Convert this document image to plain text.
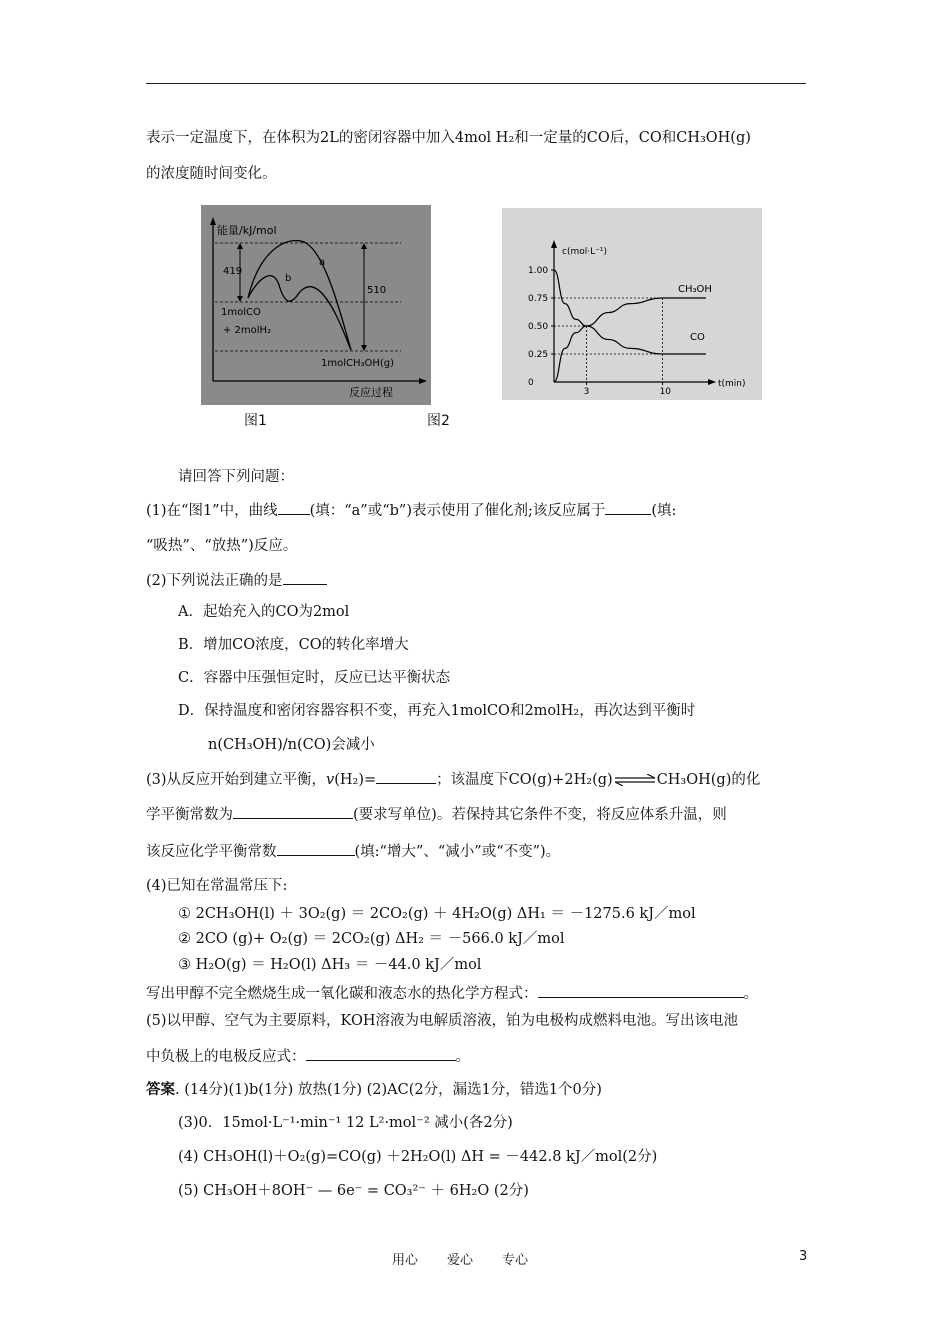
表示一定温度下，在体积为2L的密闭容器中加入4mol H₂和一定量的CO后，CO和CH₃OH(g)
的浓度随时间变化。
能量/kJ/mol
反应过程
419
510
a
b
1molCO
+ 2molH₂
1molCH₃OH(g)
图1
c(mol·L⁻¹)
t(min)
1.00
0.75
0.50
0.25
0
3	10
CH₃OH
CO
图2
请回答下列问题：
(1)在“图1”中，曲线 (填：“a”或“b”)表示使用了催化剂;该反应属于	(填:
“吸热”、“放热”)反应。
(2)下列说法正确的是
A．起始充入的CO为2mol
B．增加CO浓度，CO的转化率增大
C．容器中压强恒定时，反应已达平衡状态
D．保持温度和密闭容器容积不变，再充入1molCO和2molH₂，再次达到平衡时
n(CH₃OH)/n(CO)会减小
(3)从反应开始到建立平衡，v(H₂)=	；该温度下CO(g)+2H₂(g)⇌CH₃OH(g)的化
学平衡常数为	(要求写单位)。若保持其它条件不变，将反应体系升温，则
该反应化学平衡常数	(填:“增大”、“减小”或“不变”)。
(4)已知在常温常压下:
① 2CH₃OH(l) ＋ 3O₂(g) ＝ 2CO₂(g) ＋ 4H₂O(g) ΔH₁ ＝ －1275.6 kJ／mol
② 2CO (g)+ O₂(g) ＝ 2CO₂(g) ΔH₂ ＝ －566.0 kJ／mol
③ H₂O(g) ＝ H₂O(l) ΔH₃ ＝ －44.0 kJ／mol
写出甲醇不完全燃烧生成一氧化碳和液态水的热化学方程式：	。
(5)以甲醇、空气为主要原料，KOH溶液为电解质溶液，铂为电极构成燃料电池。写出该电池
中负极上的电极反应式：	。
答案. (14分)(1)b(1分) 放热(1分) (2)AC(2分，漏选1分，错选1个0分)
(3)0．15mol·L⁻¹·min⁻¹ 12 L²·mol⁻² 减小(各2分)
(4) CH₃OH(l)＋O₂(g)=CO(g) ＋2H₂O(l) ΔH = －442.8 kJ／mol(2分)
(5) CH₃OH＋8OH⁻ — 6e⁻ = CO₃²⁻ ＋ 6H₂O (2分)
用心 爱心 专心	3
